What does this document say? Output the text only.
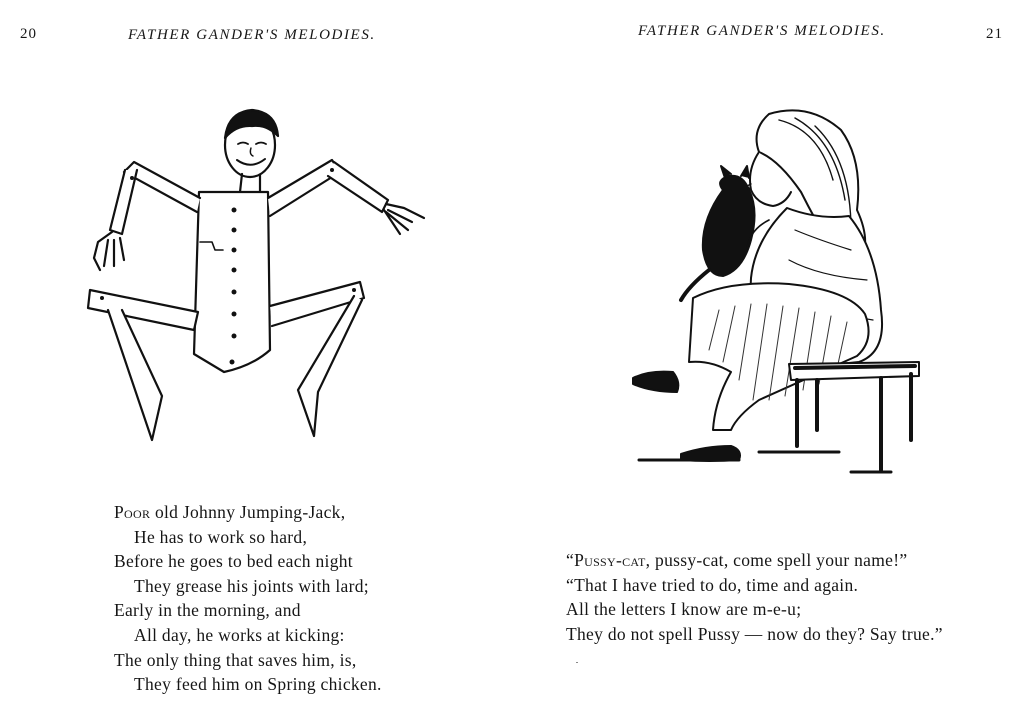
20	FATHER GANDER'S MELODIES.
Poor old Johnny Jumping-Jack,
He has to work so hard,
Before he goes to bed each night
They grease his joints with lard;
Early in the morning, and
All day, he works at kicking:
The only thing that saves him, is,
They feed him on Spring chicken.
FATHER GANDER'S MELODIES.	21
“Pussy-cat, pussy-cat, come spell your name!”
“That I have tried to do, time and again.
All the letters I know are m-e-u;
They do not spell Pussy — now do they? Say true.”
